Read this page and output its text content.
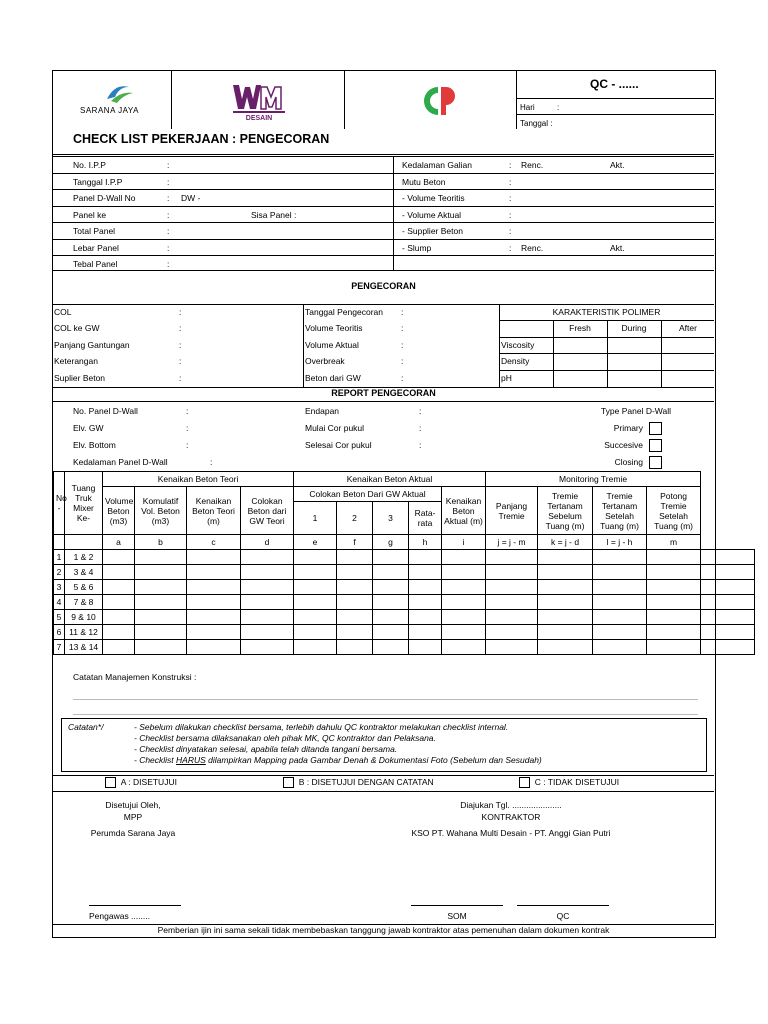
SARANA JAYA
DESAIN
QC - ......
Hari	:
Tanggal :
CHECK LIST PEKERJAAN : PENGECORAN
No. I.P.P	:	Kedalaman Galian	: Renc.	Akt.
Tanggal I.P.P	:	Mutu Beton	:
Panel D-Wall No	: DW -	- Volume Teoritis	:
Panel ke	:	Sisa Panel :	- Volume Aktual	:
Total Panel	:	- Supplier Beton	:
Lebar Panel	:	- Slump	: Renc.	Akt.
Tebal Panel	:
PENGECORAN
COL	:	Tanggal Pengecoran :
COL ke GW	:	Volume Teoritis	:
Panjang Gantungan	:	Volume Aktual	:
Keterangan	:	Overbreak	:
Suplier Beton	:	Beton dari GW	:
KARAKTERISTIK POLIMER
Fresh	During	After
Viscosity
Density
pH
REPORT PENGECORAN
No. Panel D-Wall	:
Elv. GW	:
Elv. Bottom	:
Kedalaman Panel D-Wall	:
Endapan	:
Mulai Cor pukul	:
Selesai Cor pukul	:
Type Panel D-Wall
Primary
Succesive
Closing
No
-	Tuang
Truk
Mixer
Ke-	Kenaikan Beton Teori				Kenaikan Beton Aktual					Monitoring Tremie				
		Volume
Beton
(m3)	Komulatif
Vol. Beton
(m3)	Kenaikan
Beton Teori
(m)	Colokan
Beton dari
GW Teori	Colokan Beton Dari GW Aktual				Kenaikan
Beton
Aktual (m)	Panjang
Tremie	Tremie
Tertanam
Sebelum
Tuang (m)	Tremie
Tertanam
Setelah
Tuang (m)	Potong
Tremie
Setelah
Tuang (m)	
						1	2	3	Rata-
rata						
		a	b	c	d	e	f	g	h	i	j = j - m	k = j - d	l = j - h	m	
1	1 & 2														
2	3 & 4														
3	5 & 6														
4	7 & 8														
5	9 & 10														
6	11 & 12														
7	13 & 14														
Catatan Manajemen Konstruksi :
Catatan*/	- Sebelum dilakukan checklist bersama, terlebih dahulu QC kontraktor melakukan checklist internal.
- Checklist bersama dilaksanakan oleh pihak MK, QC kontraktor dan Pelaksana.
- Checklist dinyatakan selesai, apabila telah ditanda tangani bersama.
- Checklist HARUS dilampirkan Mapping pada Gambar Denah & Dokumentasi Foto (Sebelum dan Sesudah)
A : DISETUJUI	B : DISETUJUI DENGAN CATATAN	C : TIDAK DISETUJUI
Disetujui Oleh,
MPP
Perumda Sarana Jaya
Diajukan Tgl. .....................
KONTRAKTOR
KSO PT. Wahana Multi Desain - PT. Anggi Gian Putri
Pengawas ........	SOM	QC
Pemberian ijin ini sama sekali tidak membebaskan tanggung jawab kontraktor atas pemenuhan dalam dokumen kontrak
